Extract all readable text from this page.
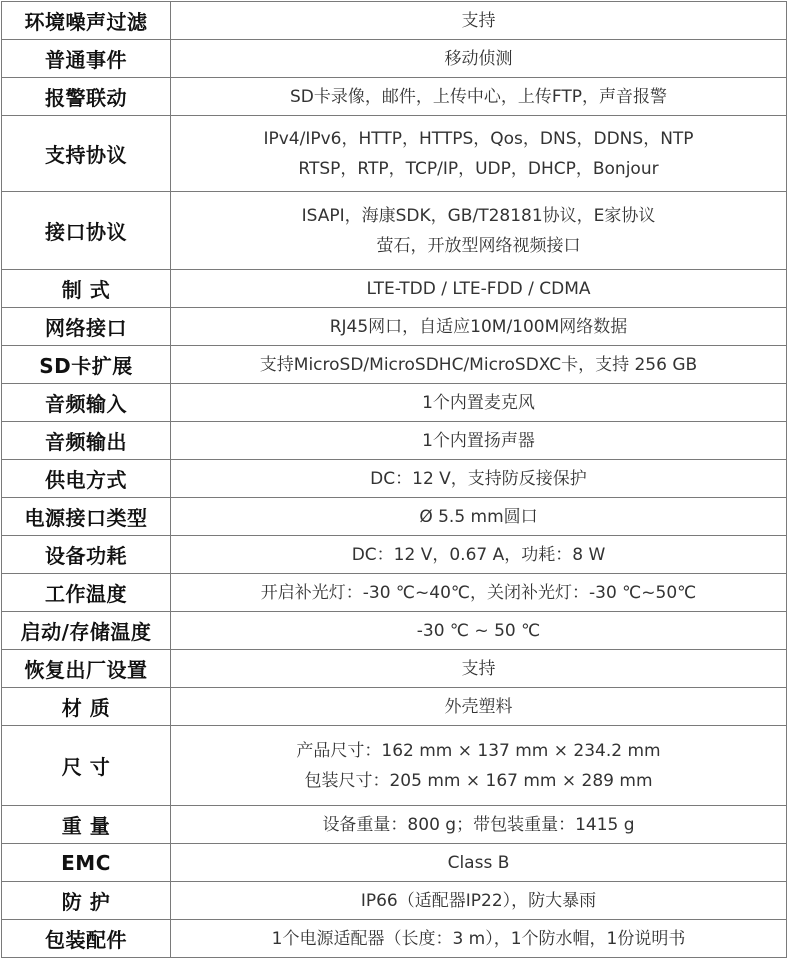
环境噪声过滤	支持

普通事件	移动侦测

报警联动	SD卡录像，邮件，上传中心，上传FTP，声音报警

支持协议	IPv4/IPv6，HTTP，HTTPS，Qos，DNS，DDNS，NTP
RTSP，RTP，TCP/IP，UDP，DHCP，Bonjour

接口协议	ISAPI，海康SDK，GB/T28181协议，E家协议
萤石，开放型网络视频接口

制 式	LTE-TDD / LTE-FDD / CDMA

网络接口	RJ45网口，自适应10M/100M网络数据

SD卡扩展	支持MicroSD/MicroSDHC/MicroSDXC卡，支持 256 GB

音频输入	1个内置麦克风

音频输出	1个内置扬声器

供电方式	DC：12 V，支持防反接保护

电源接口类型	Ø 5.5 mm圆口

设备功耗	DC：12 V，0.67 A，功耗：8 W

工作温度	开启补光灯：-30 ℃~40℃，关闭补光灯：-30 ℃~50℃

启动/存储温度	-30 ℃ ~ 50 ℃

恢复出厂设置	支持

材 质	外壳塑料

尺 寸	产品尺寸：162 mm × 137 mm × 234.2 mm
包装尺寸：205 mm × 167 mm × 289 mm

重 量	设备重量：800 g；带包装重量：1415 g

EMC	Class B

防 护	IP66（适配器IP22），防大暴雨

包装配件	1个电源适配器（长度：3 m），1个防水帽，1份说明书
